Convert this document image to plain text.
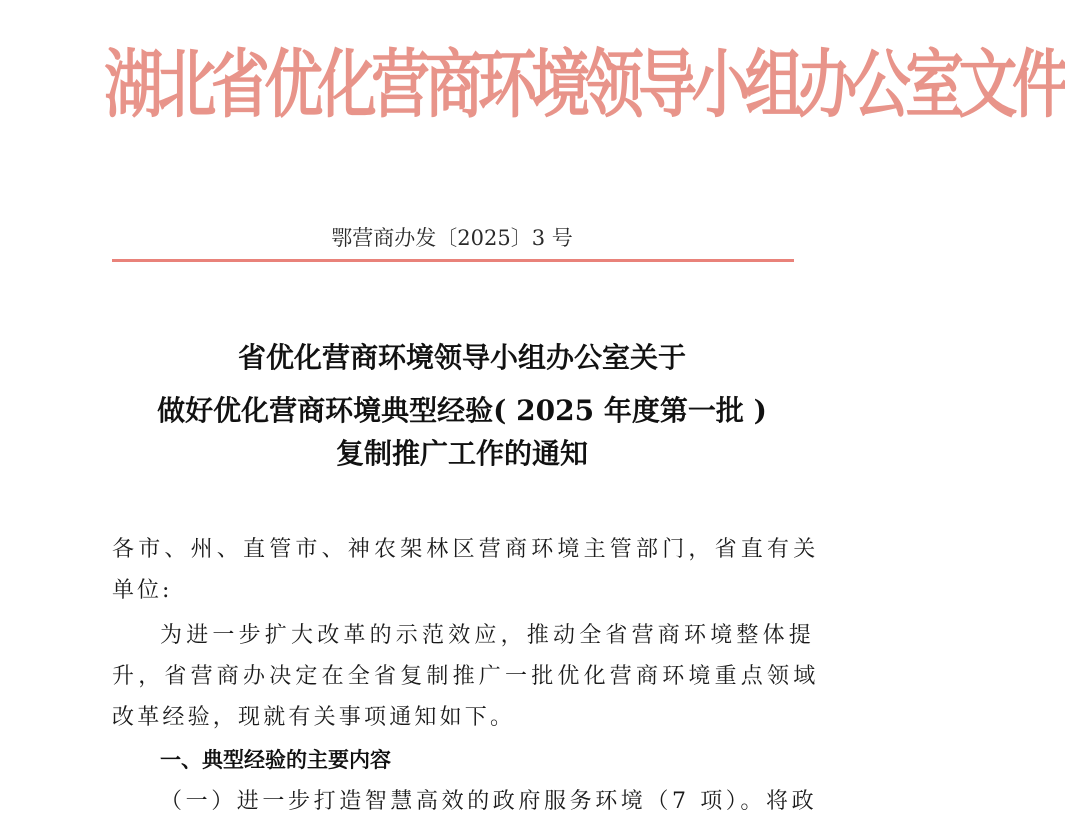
湖北省优化营商环境领导小组办公室文件
鄂营商办发〔2025〕3 号
省优化营商环境领导小组办公室关于
做好优化营商环境典型经验( 2025 年度第一批 )
复制推广工作的通知
各市、州、直管市、神农架林区营商环境主管部门，省直有关
单位:
为进一步扩大改革的示范效应，推动全省营商环境整体提
升，省营商办决定在全省复制推广一批优化营商环境重点领域
改革经验，现就有关事项通知如下。
一、典型经验的主要内容
（一）进一步打造智慧高效的政府服务环境（7 项）。将政
